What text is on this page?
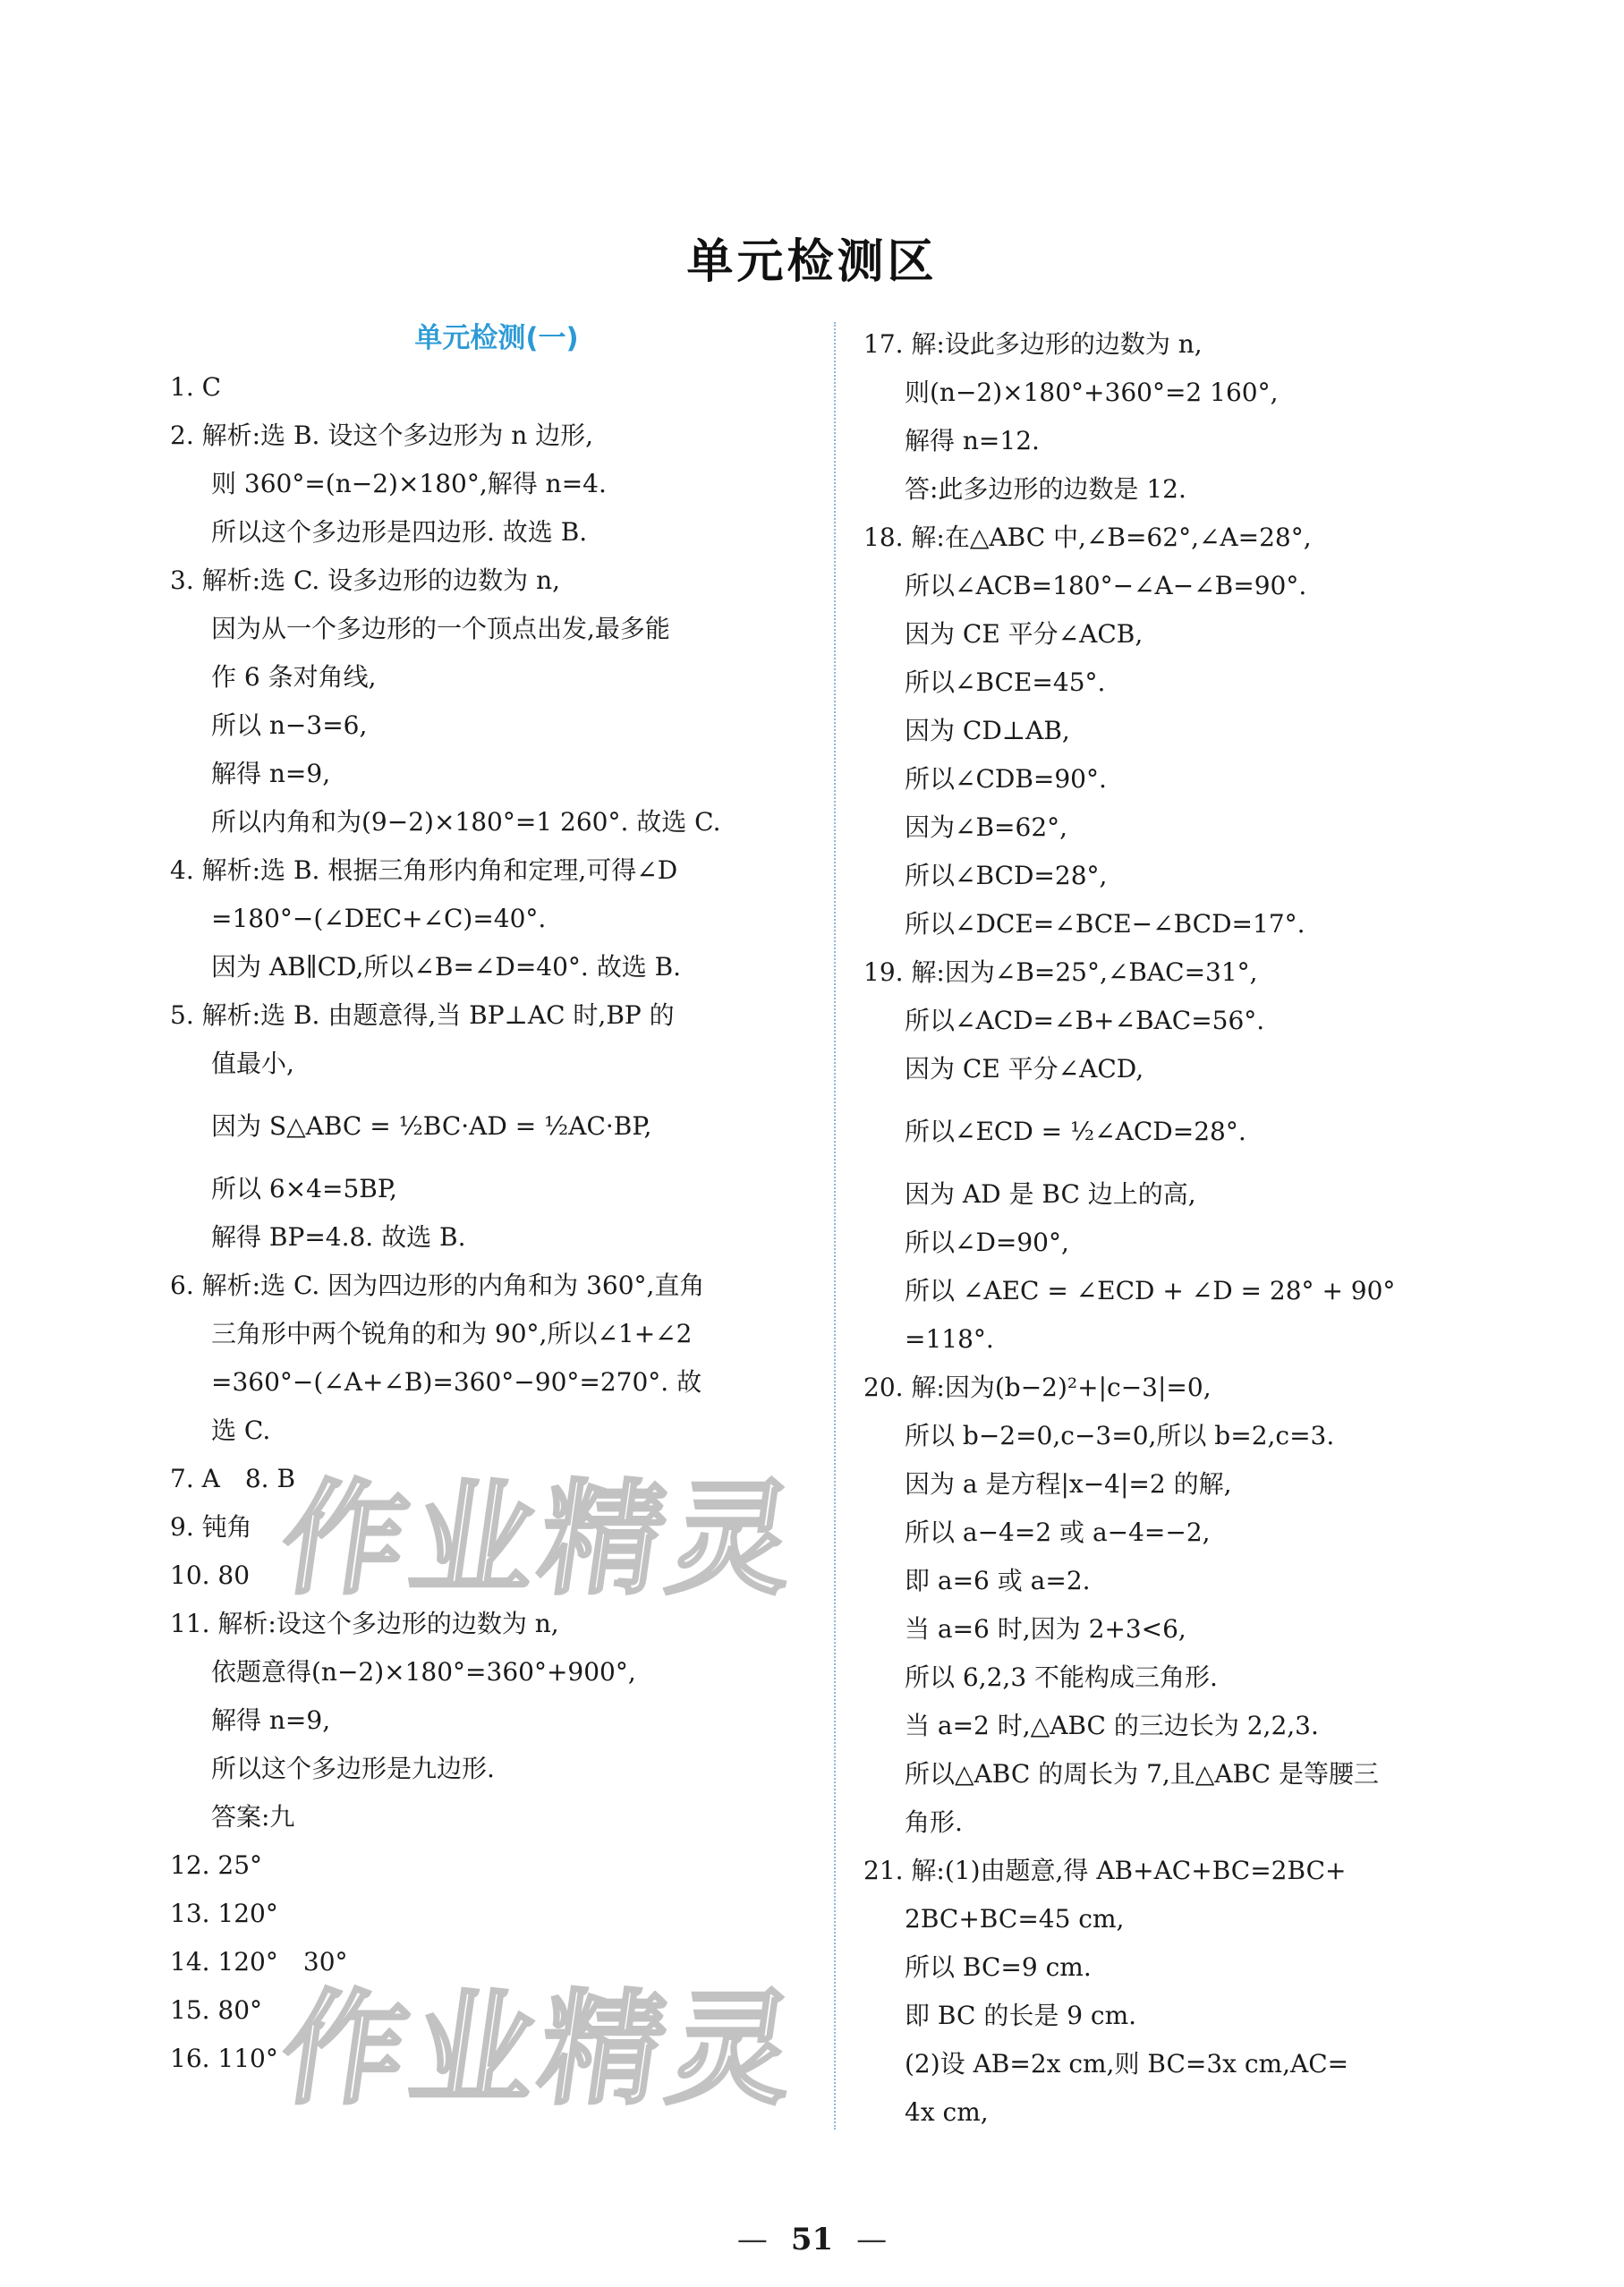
单元检测区
单元检测(一)
1. C
2. 解析:选 B. 设这个多边形为 n 边形,
则 360°=(n−2)×180°,解得 n=4.
所以这个多边形是四边形. 故选 B.
3. 解析:选 C. 设多边形的边数为 n,
因为从一个多边形的一个顶点出发,最多能
作 6 条对角线,
所以 n−3=6,
解得 n=9,
所以内角和为(9−2)×180°=1 260°. 故选 C.
4. 解析:选 B. 根据三角形内角和定理,可得∠D
=180°−(∠DEC+∠C)=40°.
因为 AB∥CD,所以∠B=∠D=40°. 故选 B.
5. 解析:选 B. 由题意得,当 BP⊥AC 时,BP 的
值最小,
因为 S△ABC = ½BC·AD = ½AC·BP,
所以 6×4=5BP,
解得 BP=4.8. 故选 B.
6. 解析:选 C. 因为四边形的内角和为 360°,直角
三角形中两个锐角的和为 90°,所以∠1+∠2
=360°−(∠A+∠B)=360°−90°=270°. 故
选 C.
7. A　8. B
9. 钝角
10. 80
11. 解析:设这个多边形的边数为 n,
依题意得(n−2)×180°=360°+900°,
解得 n=9,
所以这个多边形是九边形.
答案:九
12. 25°
13. 120°
14. 120°　30°
15. 80°
16. 110°
17. 解:设此多边形的边数为 n,
则(n−2)×180°+360°=2 160°,
解得 n=12.
答:此多边形的边数是 12.
18. 解:在△ABC 中,∠B=62°,∠A=28°,
所以∠ACB=180°−∠A−∠B=90°.
因为 CE 平分∠ACB,
所以∠BCE=45°.
因为 CD⊥AB,
所以∠CDB=90°.
因为∠B=62°,
所以∠BCD=28°,
所以∠DCE=∠BCE−∠BCD=17°.
19. 解:因为∠B=25°,∠BAC=31°,
所以∠ACD=∠B+∠BAC=56°.
因为 CE 平分∠ACD,
所以∠ECD = ½∠ACD=28°.
因为 AD 是 BC 边上的高,
所以∠D=90°,
所以 ∠AEC = ∠ECD + ∠D = 28° + 90°
=118°.
20. 解:因为(b−2)²+|c−3|=0,
所以 b−2=0,c−3=0,所以 b=2,c=3.
因为 a 是方程|x−4|=2 的解,
所以 a−4=2 或 a−4=−2,
即 a=6 或 a=2.
当 a=6 时,因为 2+3<6,
所以 6,2,3 不能构成三角形.
当 a=2 时,△ABC 的三边长为 2,2,3.
所以△ABC 的周长为 7,且△ABC 是等腰三
角形.
21. 解:(1)由题意,得 AB+AC+BC=2BC+
2BC+BC=45 cm,
所以 BC=9 cm.
即 BC 的长是 9 cm.
(2)设 AB=2x cm,则 BC=3x cm,AC=
4x cm,
作业精灵
作业精灵
— 51 —
